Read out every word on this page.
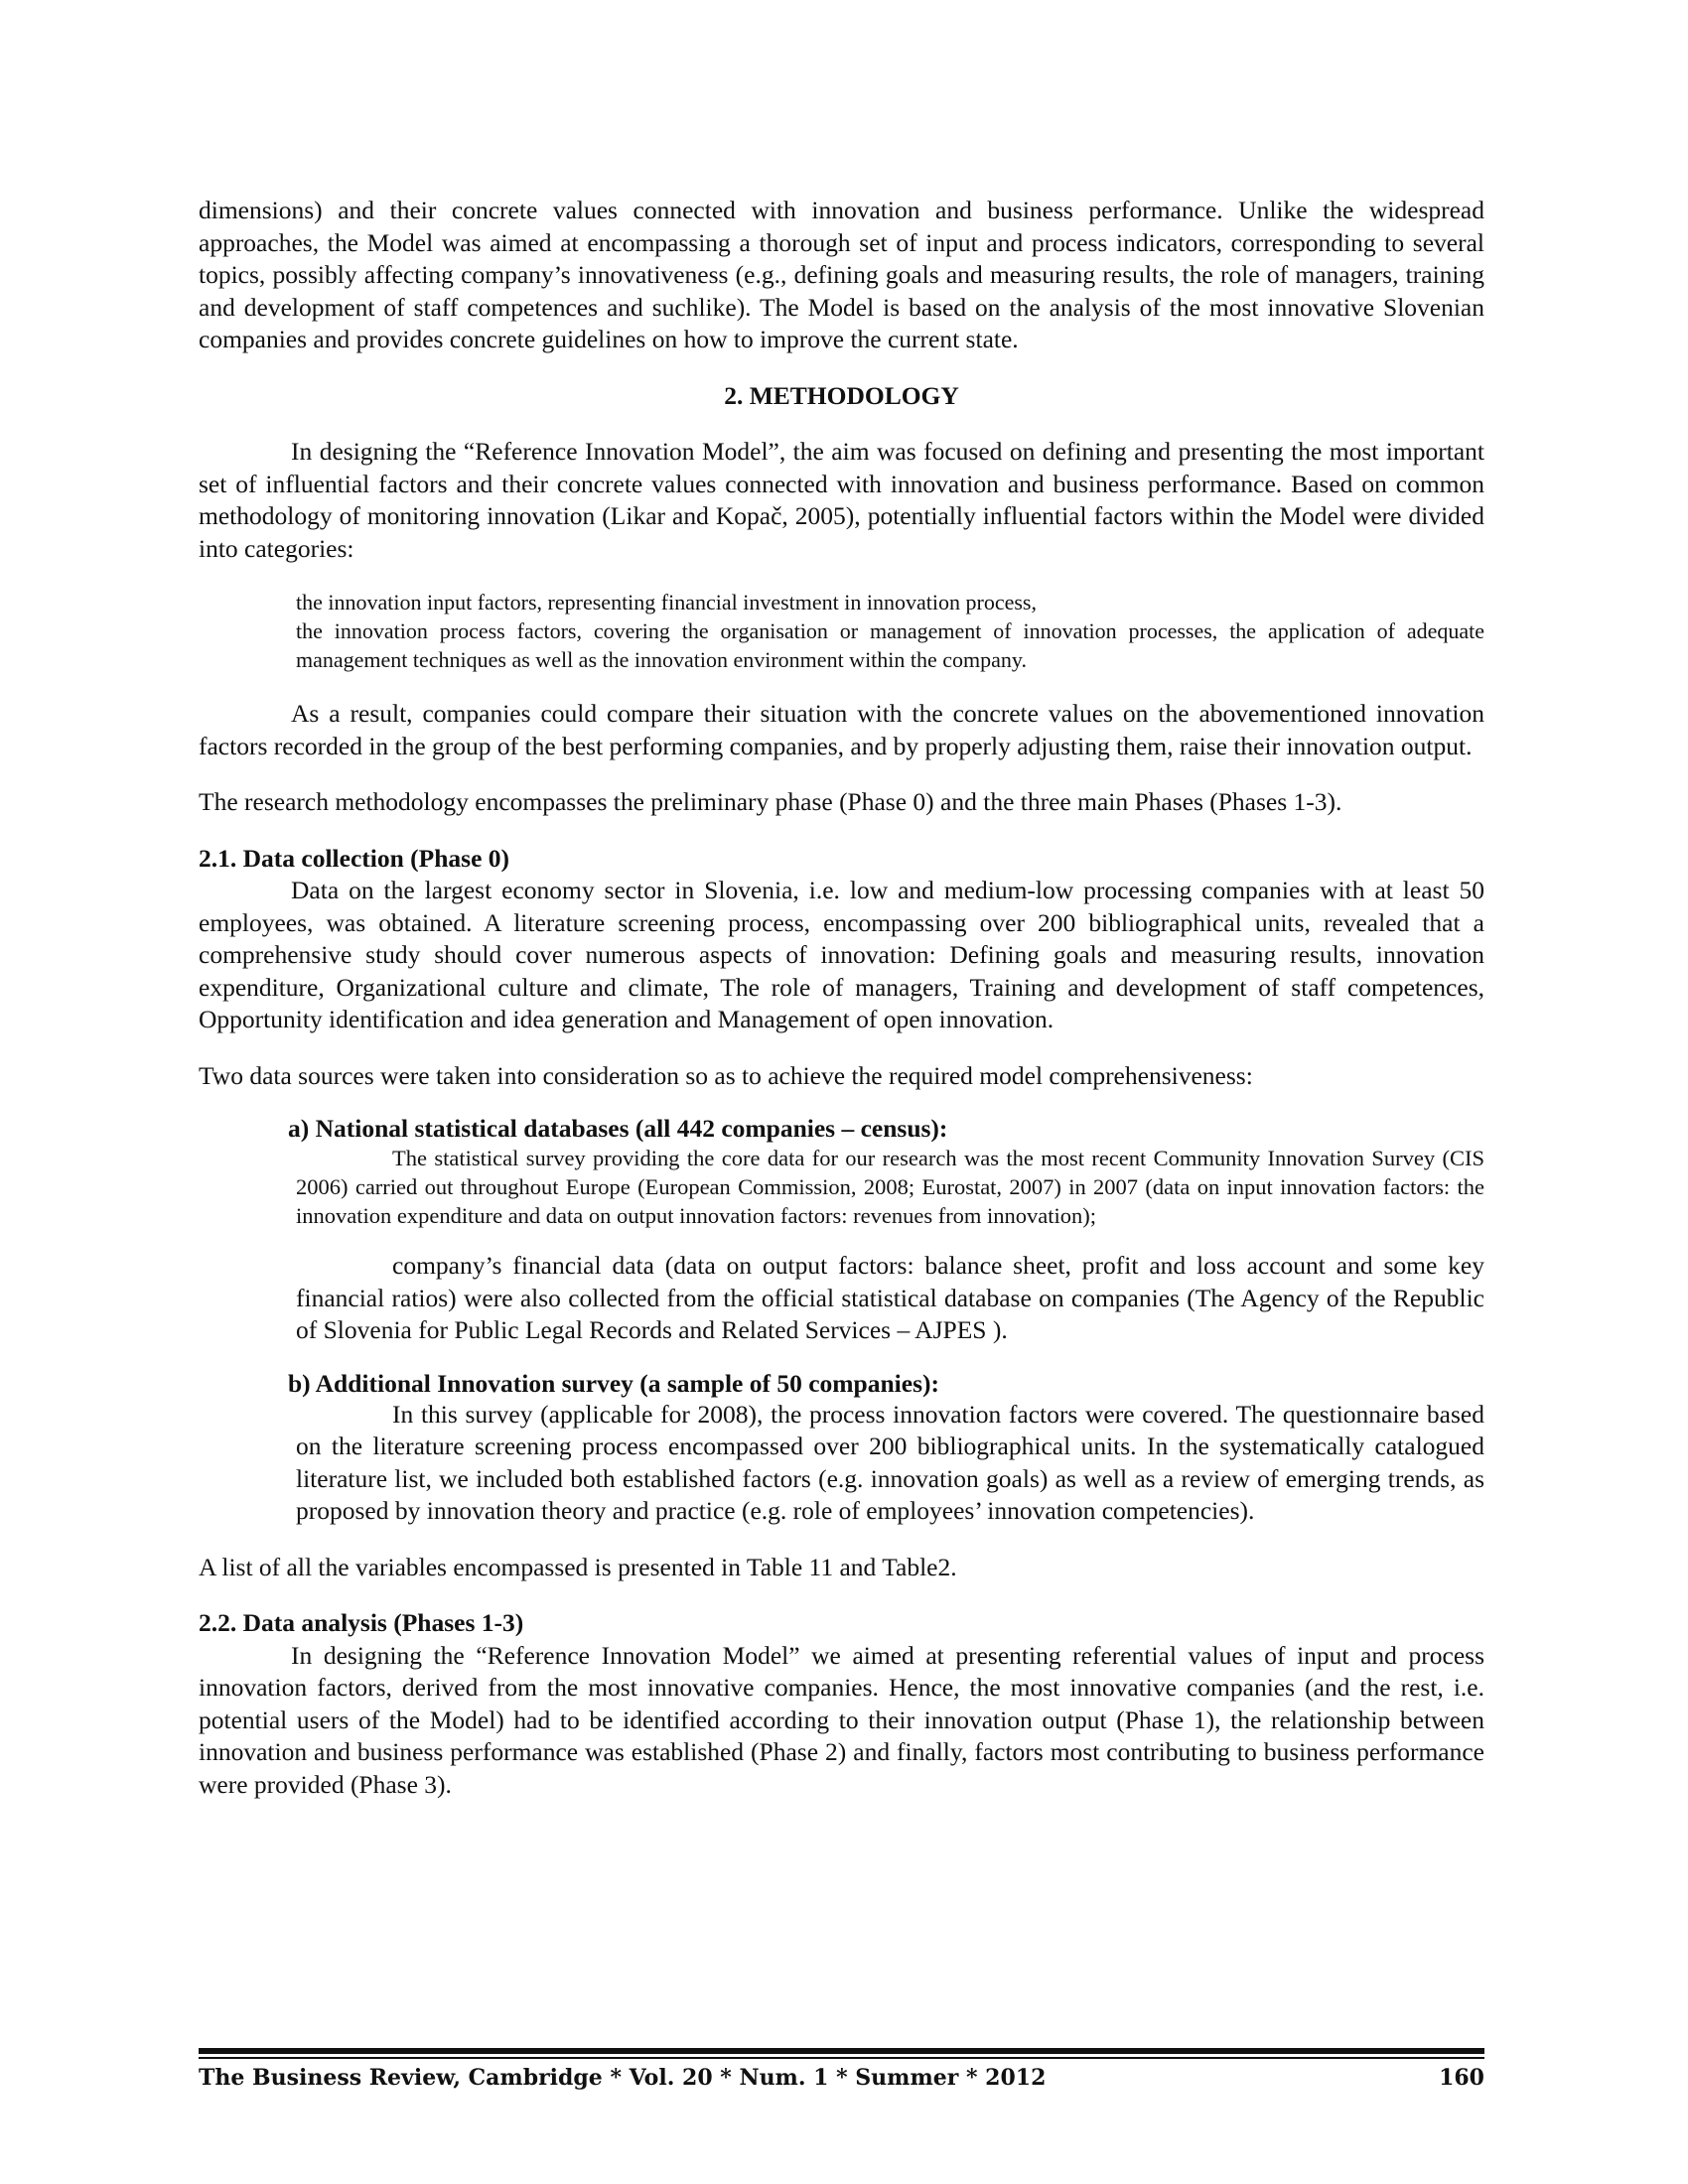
dimensions) and their concrete values connected with innovation and business performance. Unlike the widespread approaches, the Model was aimed at encompassing a thorough set of input and process indicators, corresponding to several topics, possibly affecting company’s innovativeness (e.g., defining goals and measuring results, the role of managers, training and development of staff competences and suchlike). The Model is based on the analysis of the most innovative Slovenian companies and provides concrete guidelines on how to improve the current state.

2. METHODOLOGY

In designing the “Reference Innovation Model”, the aim was focused on defining and presenting the most important set of influential factors and their concrete values connected with innovation and business performance. Based on common methodology of monitoring innovation (Likar and Kopač, 2005), potentially influential factors within the Model were divided into categories:

the innovation input factors, representing financial investment in innovation process,

the innovation process factors, covering the organisation or management of innovation processes, the application of adequate management techniques as well as the innovation environment within the company.

As a result, companies could compare their situation with the concrete values on the abovementioned innovation factors recorded in the group of the best performing companies, and by properly adjusting them, raise their innovation output.

The research methodology encompasses the preliminary phase (Phase 0) and the three main Phases (Phases 1-3).

2.1. Data collection (Phase 0)

Data on the largest economy sector in Slovenia, i.e. low and medium-low processing companies with at least 50 employees, was obtained. A literature screening process, encompassing over 200 bibliographical units, revealed that a comprehensive study should cover numerous aspects of innovation: Defining goals and measuring results, innovation expenditure, Organizational culture and climate, The role of managers, Training and development of staff competences, Opportunity identification and idea generation and Management of open innovation.

Two data sources were taken into consideration so as to achieve the required model comprehensiveness:

a) National statistical databases (all 442 companies – census):

The statistical survey providing the core data for our research was the most recent Community Innovation Survey (CIS 2006) carried out throughout Europe (European Commission, 2008; Eurostat, 2007) in 2007 (data on input innovation factors: the innovation expenditure and data on output innovation factors: revenues from innovation);

company’s financial data (data on output factors: balance sheet, profit and loss account and some key financial ratios) were also collected from the official statistical database on companies (The Agency of the Republic of Slovenia for Public Legal Records and Related Services – AJPES ).

b) Additional Innovation survey (a sample of 50 companies):

In this survey (applicable for 2008), the process innovation factors were covered. The questionnaire based on the literature screening process encompassed over 200 bibliographical units. In the systematically catalogued literature list, we included both established factors (e.g. innovation goals) as well as a review of emerging trends, as proposed by innovation theory and practice (e.g. role of employees’ innovation competencies).

A list of all the variables encompassed is presented in Table 11 and Table2.

2.2. Data analysis (Phases 1-3)

In designing the “Reference Innovation Model” we aimed at presenting referential values of input and process innovation factors, derived from the most innovative companies. Hence, the most innovative companies (and the rest, i.e. potential users of the Model) had to be identified according to their innovation output (Phase 1), the relationship between innovation and business performance was established (Phase 2) and finally, factors most contributing to business performance were provided (Phase 3).

The Business Review, Cambridge * Vol. 20 * Num. 1 * Summer * 2012	160
